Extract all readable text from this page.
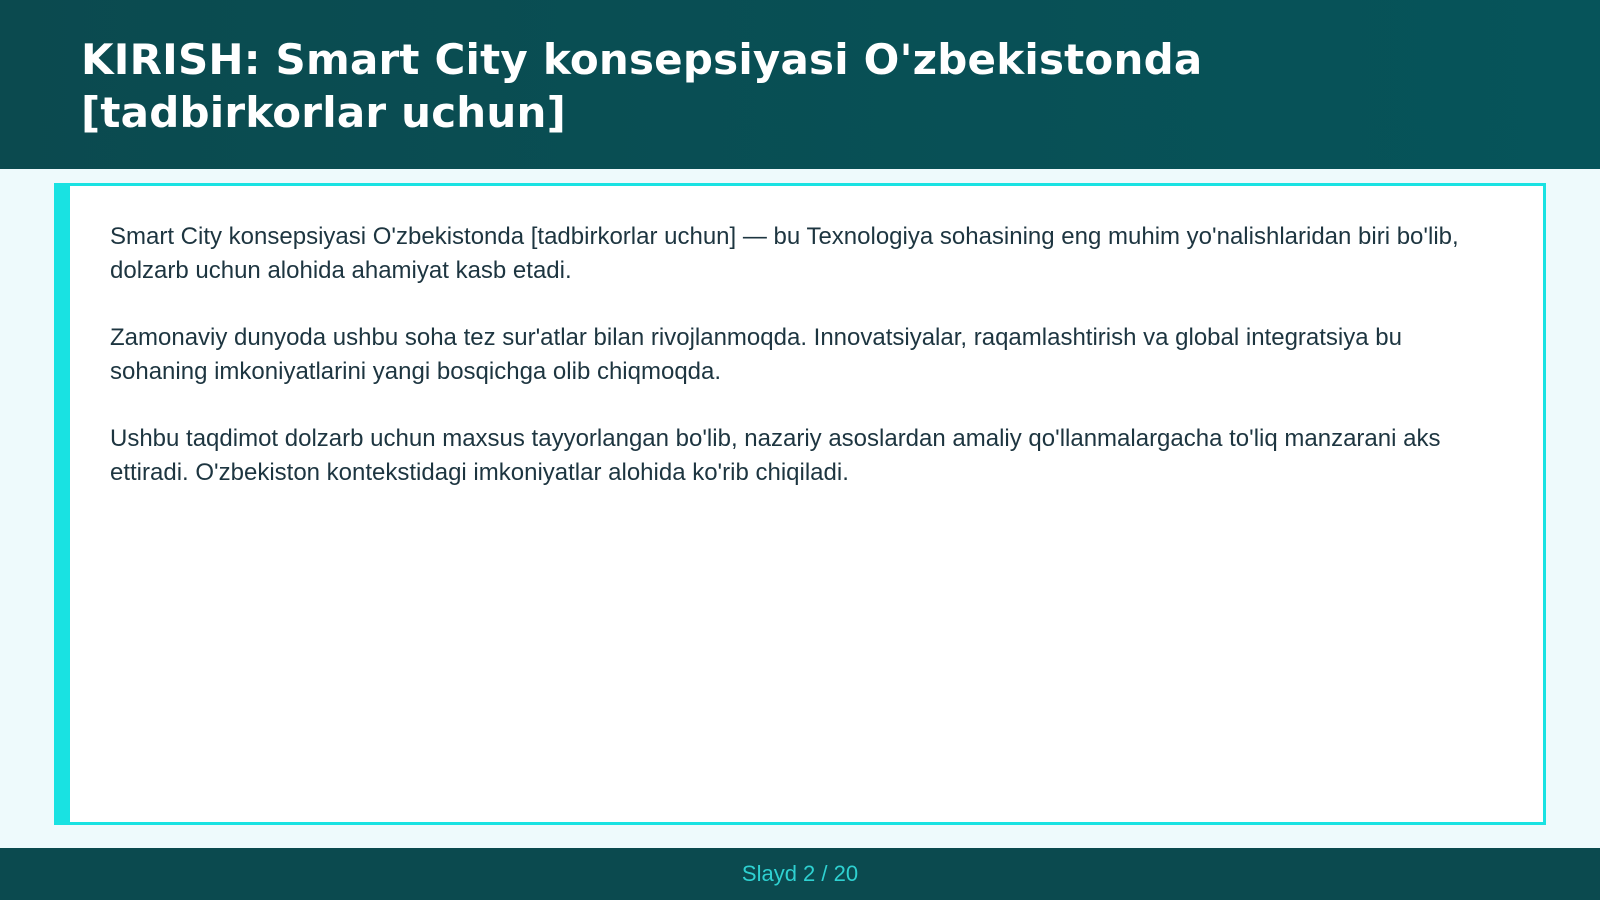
KIRISH: Smart City konsepsiyasi O'zbekistonda [tadbirkorlar uchun]

Smart City konsepsiyasi O'zbekistonda [tadbirkorlar uchun] — bu Texnologiya sohasining eng muhim yo'nalishlaridan biri bo'lib, dolzarb uchun alohida ahamiyat kasb etadi.

Zamonaviy dunyoda ushbu soha tez sur'atlar bilan rivojlanmoqda. Innovatsiyalar, raqamlashtirish va global integratsiya bu sohaning imkoniyatlarini yangi bosqichga olib chiqmoqda.

Ushbu taqdimot dolzarb uchun maxsus tayyorlangan bo'lib, nazariy asoslardan amaliy qo'llanmalargacha to'liq manzarani aks ettiradi. O'zbekiston kontekstidagi imkoniyatlar alohida ko'rib chiqiladi.

Slayd 2 / 20
